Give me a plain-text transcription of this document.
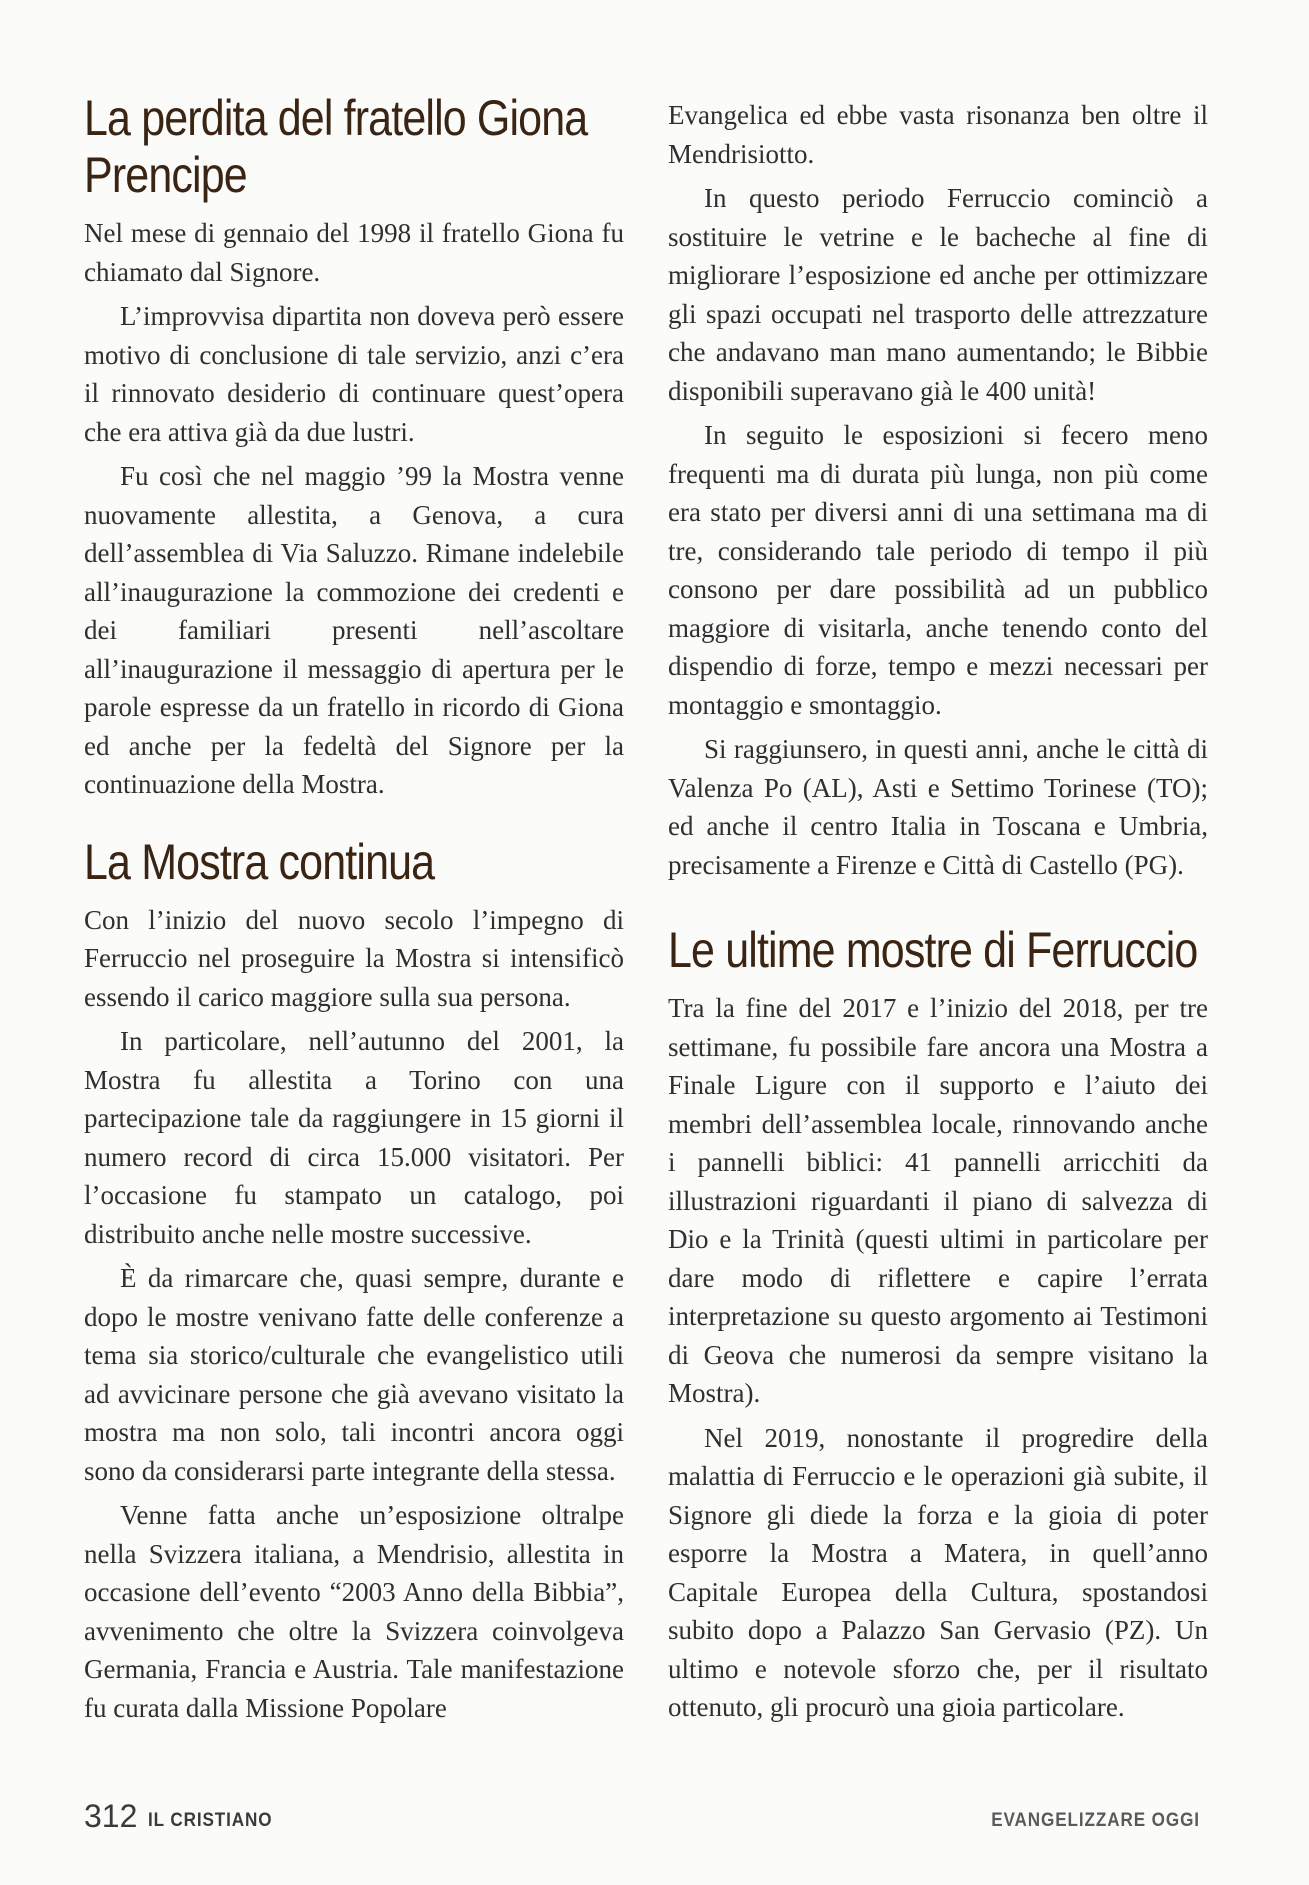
La perdita del fratello Giona Prencipe

Nel mese di gennaio del 1998 il fratello Giona fu chiamato dal Signore.

L’improvvisa dipartita non doveva però essere motivo di conclusione di tale servizio, anzi c’era il rinnovato desiderio di continuare quest’opera che era attiva già da due lustri.

Fu così che nel maggio ’99 la Mostra venne nuovamente allestita, a Genova, a cura dell’assemblea di Via Saluzzo. Rimane indelebile all’inaugurazione la commozione dei credenti e dei familiari presenti nell’ascoltare all’inaugurazione il messaggio di apertura per le parole espresse da un fratello in ricordo di Giona ed anche per la fedeltà del Signore per la continuazione della Mostra.

La Mostra continua

Con l’inizio del nuovo secolo l’impegno di Ferruccio nel proseguire la Mostra si intensificò essendo il carico maggiore sulla sua persona.

In particolare, nell’autunno del 2001, la Mostra fu allestita a Torino con una partecipazione tale da raggiungere in 15 giorni il numero record di circa 15.000 visitatori. Per l’occasione fu stampato un catalogo, poi distribuito anche nelle mostre successive.

È da rimarcare che, quasi sempre, durante e dopo le mostre venivano fatte delle conferenze a tema sia storico/culturale che evangelistico utili ad avvicinare persone che già avevano visitato la mostra ma non solo, tali incontri ancora oggi sono da considerarsi parte integrante della stessa.

Venne fatta anche un’esposizione oltralpe nella Svizzera italiana, a Mendrisio, allestita in occasione dell’evento “2003 Anno della Bibbia”, avvenimento che oltre la Svizzera coinvolgeva Germania, Francia e Austria. Tale manifestazione fu curata dalla Missione Popolare

Evangelica ed ebbe vasta risonanza ben oltre il Mendrisiotto.

In questo periodo Ferruccio cominciò a sostituire le vetrine e le bacheche al fine di migliorare l’esposizione ed anche per ottimizzare gli spazi occupati nel trasporto delle attrezzature che andavano man mano aumentando; le Bibbie disponibili superavano già le 400 unità!

In seguito le esposizioni si fecero meno frequenti ma di durata più lunga, non più come era stato per diversi anni di una settimana ma di tre, considerando tale periodo di tempo il più consono per dare possibilità ad un pubblico maggiore di visitarla, anche tenendo conto del dispendio di forze, tempo e mezzi necessari per montaggio e smontaggio.

Si raggiunsero, in questi anni, anche le città di Valenza Po (AL), Asti e Settimo Torinese (TO); ed anche il centro Italia in Toscana e Umbria, precisamente a Firenze e Città di Castello (PG).

Le ultime mostre di Ferruccio

Tra la fine del 2017 e l’inizio del 2018, per tre settimane, fu possibile fare ancora una Mostra a Finale Ligure con il supporto e l’aiuto dei membri dell’assemblea locale, rinnovando anche i pannelli biblici: 41 pannelli arricchiti da illustrazioni riguardanti il piano di salvezza di Dio e la Trinità (questi ultimi in particolare per dare modo di riflettere e capire l’errata interpretazione su questo argomento ai Testimoni di Geova che numerosi da sempre visitano la Mostra).

Nel 2019, nonostante il progredire della malattia di Ferruccio e le operazioni già subite, il Signore gli diede la forza e la gioia di poter esporre la Mostra a Matera, in quell’anno Capitale Europea della Cultura, spostandosi subito dopo a Palazzo San Gervasio (PZ). Un ultimo e notevole sforzo che, per il risultato ottenuto, gli procurò una gioia particolare.

312 IL CRISTIANO	EVANGELIZZARE OGGI
